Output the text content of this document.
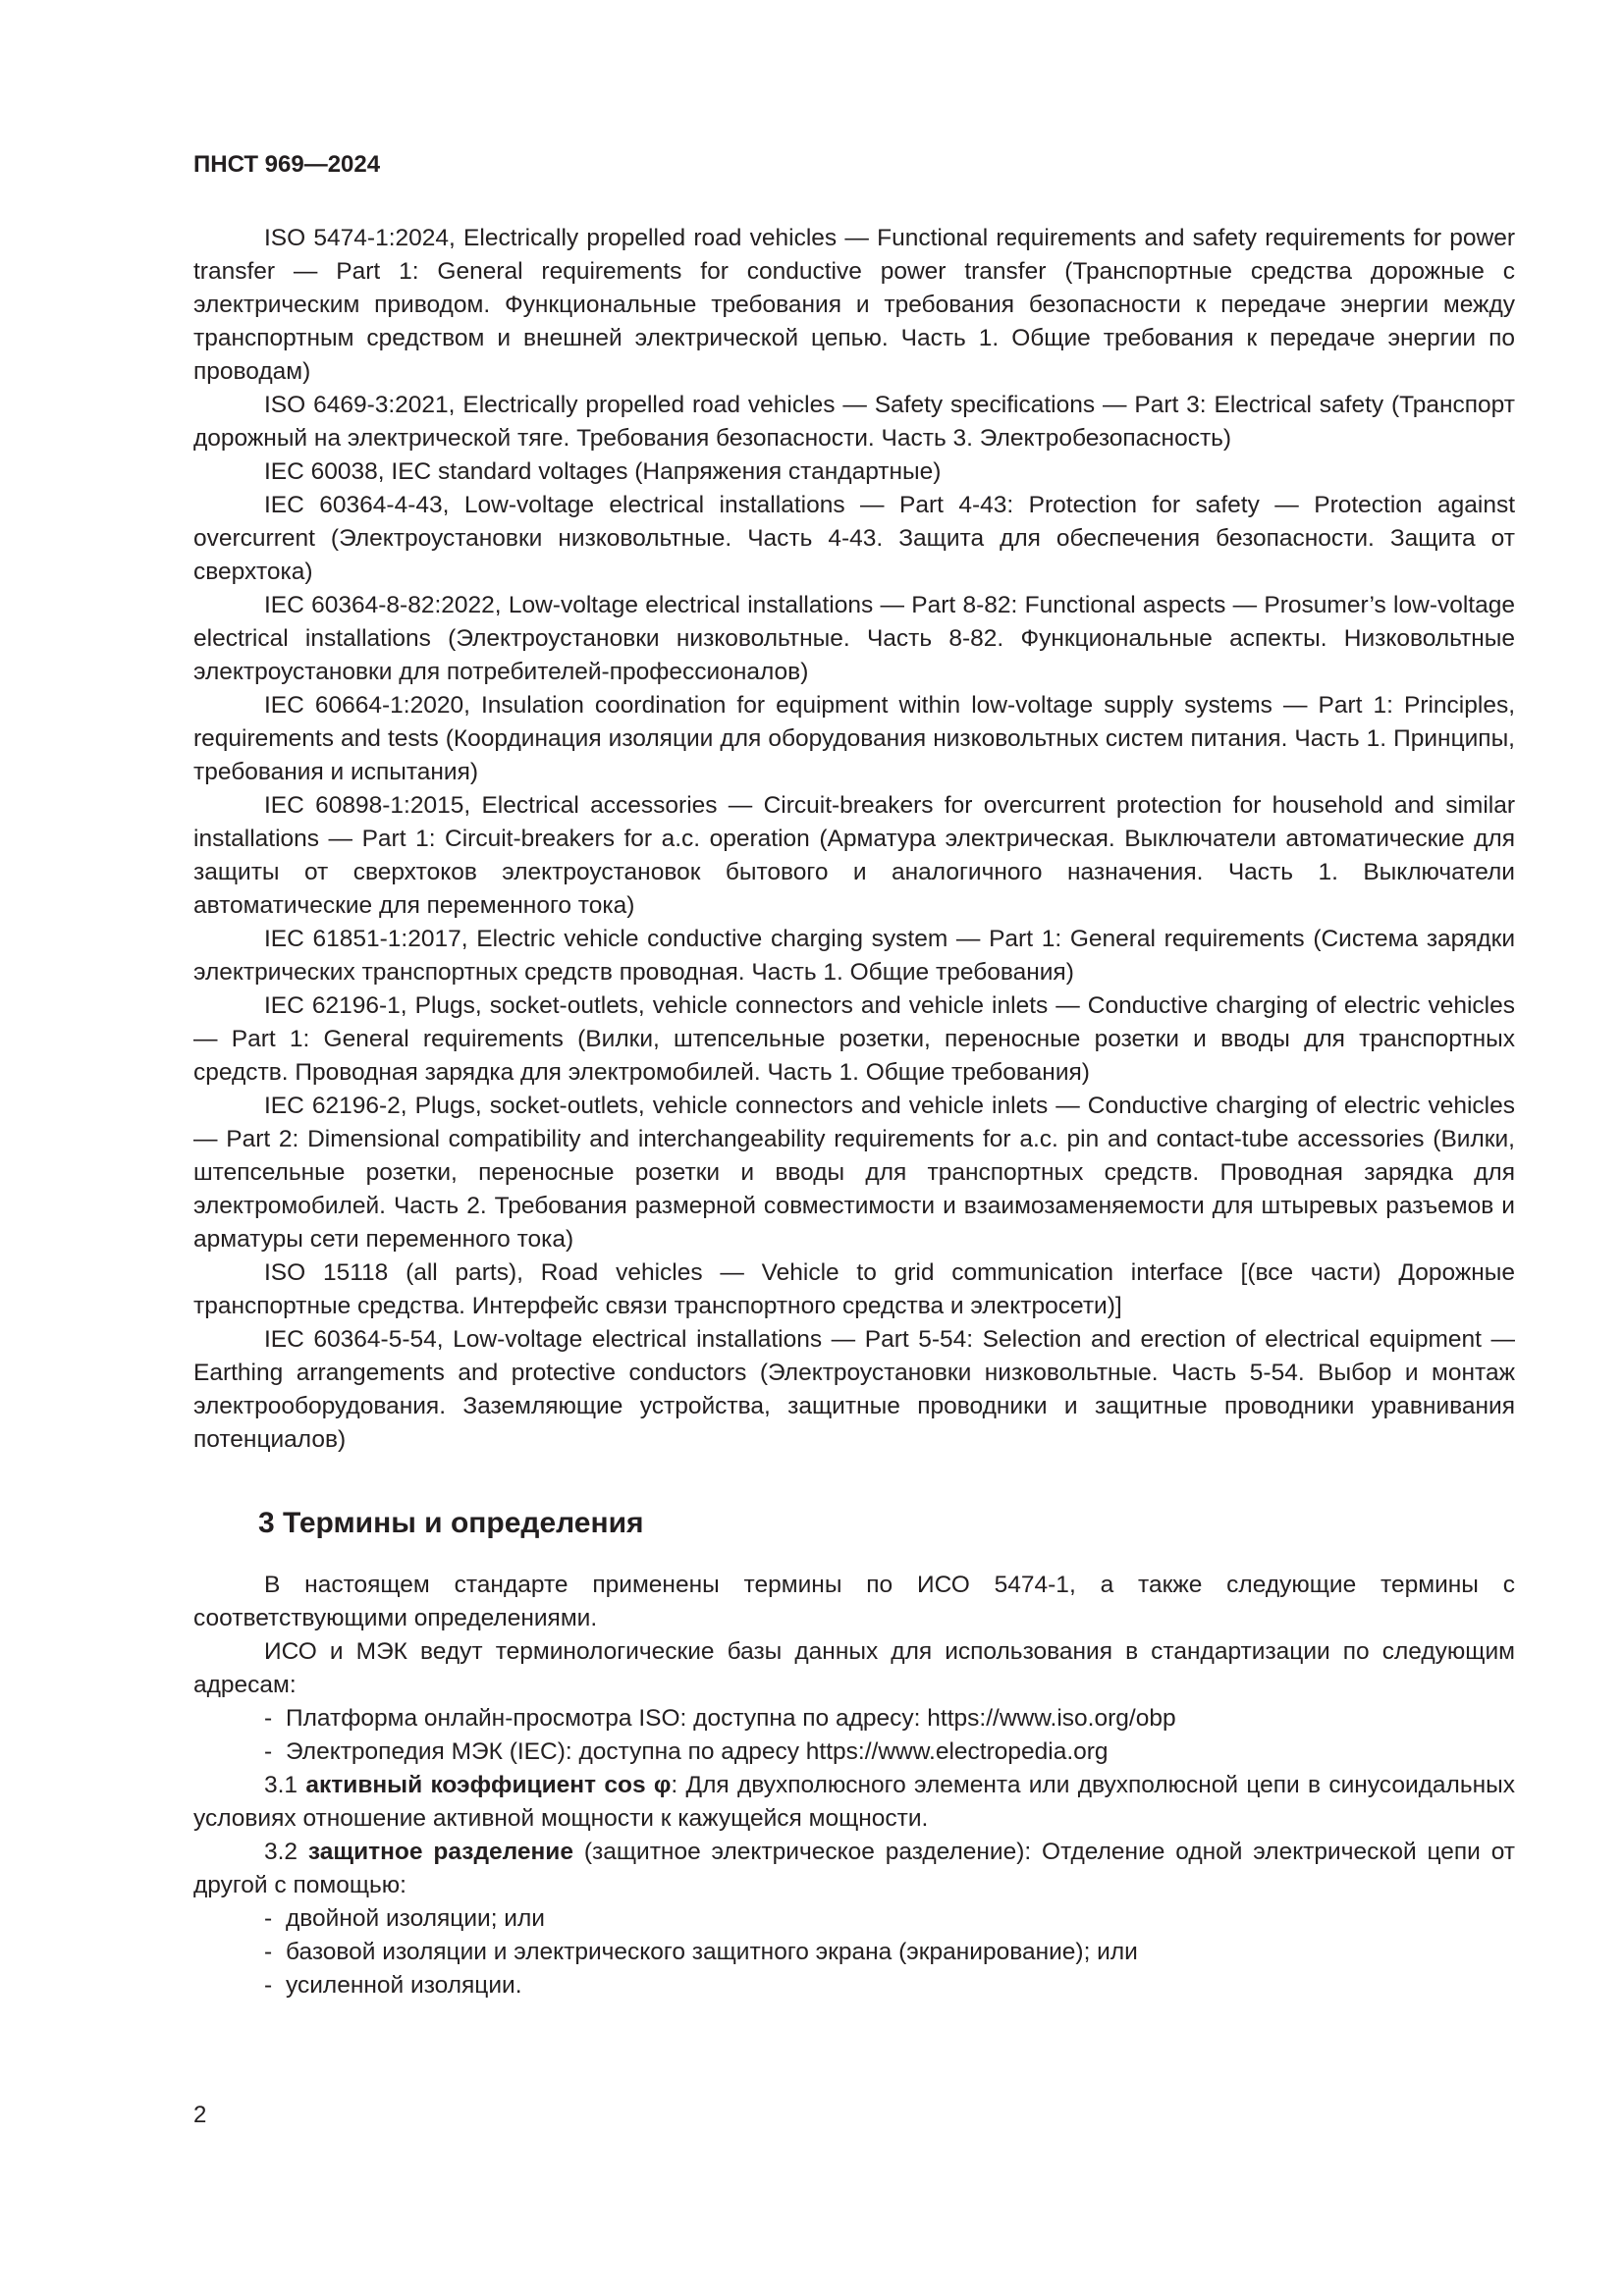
ПНСТ 969—2024

ISO 5474-1:2024, Electrically propelled road vehicles — Functional requirements and safety requirements for power transfer — Part 1: General requirements for conductive power transfer (Транспортные средства дорожные с электрическим приводом. Функциональные требования и требования безопасности к передаче энергии между транспортным средством и внешней электрической цепью. Часть 1. Общие требования к передаче энергии по проводам)

ISO 6469-3:2021, Electrically propelled road vehicles — Safety specifications — Part 3: Electrical safety (Транспорт дорожный на электрической тяге. Требования безопасности. Часть 3. Электробезопасность)

IEC 60038, IEC standard voltages (Напряжения стандартные)

IEC 60364-4-43, Low-voltage electrical installations — Part 4-43: Protection for safety — Protection against overcurrent (Электроустановки низковольтные. Часть 4-43. Защита для обеспечения безопасности. Защита от сверхтока)

IEC 60364-8-82:2022, Low-voltage electrical installations — Part 8-82: Functional aspects — Prosumer’s low-voltage electrical installations (Электроустановки низковольтные. Часть 8-82. Функциональные аспекты. Низковольтные электроустановки для потребителей-профессионалов)

IEC 60664-1:2020, Insulation coordination for equipment within low-voltage supply systems — Part 1: Principles, requirements and tests (Координация изоляции для оборудования низковольтных систем питания. Часть 1. Принципы, требования и испытания)

IEC 60898-1:2015, Electrical accessories — Circuit-breakers for overcurrent protection for household and similar installations — Part 1: Circuit-breakers for a.c. operation (Арматура электрическая. Выключатели автоматические для защиты от сверхтоков электроустановок бытового и аналогичного назначения. Часть 1. Выключатели автоматические для переменного тока)

IEC 61851-1:2017, Electric vehicle conductive charging system — Part 1: General requirements (Система зарядки электрических транспортных средств проводная. Часть 1. Общие требования)

IEC 62196-1, Plugs, socket-outlets, vehicle connectors and vehicle inlets — Conductive charging of electric vehicles — Part 1: General requirements (Вилки, штепсельные розетки, переносные розетки и вводы для транспортных средств. Проводная зарядка для электромобилей. Часть 1. Общие требования)

IEC 62196-2, Plugs, socket-outlets, vehicle connectors and vehicle inlets — Conductive charging of electric vehicles — Part 2: Dimensional compatibility and interchangeability requirements for a.c. pin and contact-tube accessories (Вилки, штепсельные розетки, переносные розетки и вводы для транспортных средств. Проводная зарядка для электромобилей. Часть 2. Требования размерной совместимости и взаимозаменяемости для штыревых разъемов и арматуры сети переменного тока)

ISO 15118 (all parts), Road vehicles — Vehicle to grid communication interface [(все части) Дорожные транспортные средства. Интерфейс связи транспортного средства и электросети)]

IEC 60364-5-54, Low-voltage electrical installations — Part 5-54: Selection and erection of electrical equipment — Earthing arrangements and protective conductors (Электроустановки низковольтные. Часть 5-54. Выбор и монтаж электрооборудования. Заземляющие устройства, защитные проводники и защитные проводники уравнивания потенциалов)

3 Термины и определения

В настоящем стандарте применены термины по ИСО 5474-1, а также следующие термины с соответствующими определениями.

ИСО и МЭК ведут терминологические базы данных для использования в стандартизации по следующим адресам:

- Платформа онлайн-просмотра ISO: доступна по адресу: https://www.iso.org/obp

- Электропедия МЭК (IEC): доступна по адресу https://www.electropedia.org

3.1 активный коэффициент cos φ: Для двухполюсного элемента или двухполюсной цепи в синусоидальных условиях отношение активной мощности к кажущейся мощности.

3.2 защитное разделение (защитное электрическое разделение): Отделение одной электрической цепи от другой с помощью:

- двойной изоляции; или

- базовой изоляции и электрического защитного экрана (экранирование); или

- усиленной изоляции.

2
